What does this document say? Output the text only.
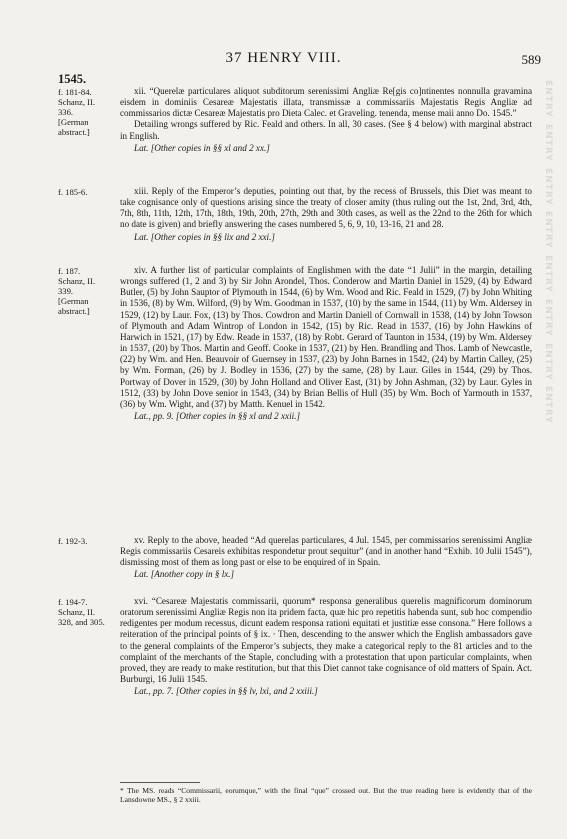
37 HENRY VIII.	589
1545.
f. 181-84.
Schanz, II.
336.
[German
abstract.]

xii. “Querelæ particulares aliquot subditorum serenissimi Angliæ Re[gis co]ntinentes nonnulla gravamina eisdem in dominiis Cesareæ Majestatis illata, transmissæ a commissariis Majestatis Regis Angliæ ad commissarios dictæ Cesareæ Majestatis pro Dieta Calec. et Graveling. tenenda, mense maii anno Do. 1545.”

Detailing wrongs suffered by Ric. Feald and others. In all, 30 cases. (See § 4 below) with marginal abstract in English.

Lat. [Other copies in §§ xl and 2 xx.]

f. 185-6.	xiii. Reply of the Emperor’s deputies, pointing out that, by the recess of Brussels, this Diet was meant to take cognisance only of questions arising since the treaty of closer amity (thus ruling out the 1st, 2nd, 3rd, 4th, 7th, 8th, 11th, 12th, 17th, 18th, 19th, 20th, 27th, 29th and 30th cases, as well as the 22nd to the 26th for which no date is given) and briefly answering the cases numbered 5, 6, 9, 10, 13-16, 21 and 28.

Lat. [Other copies in §§ lix and 2 xxi.]

f. 187.
Schanz, II.
339.
[German
abstract.]

xiv. A further list of particular complaints of Englishmen with the date “1 Julii” in the margin, detailing wrongs suffered (1, 2 and 3) by Sir John Arondel, Thos. Conderow and Martin Daniel in 1529, (4) by Edward Butler, (5) by John Sauptor of Plymouth in 1544, (6) by Wm. Wood and Ric. Feald in 1529, (7) by John Whiting in 1536, (8) by Wm. Wilford, (9) by Wm. Goodman in 1537, (10) by the same in 1544, (11) by Wm. Aldersey in 1529, (12) by Laur. Fox, (13) by Thos. Cowdron and Martin Daniell of Cornwall in 1538, (14) by John Towson of Plymouth and Adam Wintrop of London in 1542, (15) by Ric. Read in 1537, (16) by John Hawkins of Harwich in 1521, (17) by Edw. Reade in 1537, (18) by Robt. Gerard of Taunton in 1534, (19) by Wm. Aldersey in 1537, (20) by Thos. Martin and Geoff. Cooke in 1537, (21) by Hen. Brandling and Thos. Lamb of Newcastle, (22) by Wm. and Hen. Beauvoir of Guernsey in 1537, (23) by John Barnes in 1542, (24) by Martin Calley, (25) by Wm. Forman, (26) by J. Bodley in 1536, (27) by the same, (28) by Laur. Giles in 1544, (29) by Thos. Portway of Dover in 1529, (30) by John Holland and Oliver East, (31) by John Ashman, (32) by Laur. Gyles in 1512, (33) by John Dove senior in 1543, (34) by Brian Bellis of Hull (35) by Wm. Boch of Yarmouth in 1537, (36) by Wm. Wight, and (37) by Matth. Kenuel in 1542.

Lat., pp. 9. [Other copies in §§ xl and 2 xxii.]

f. 192-3.	xv. Reply to the above, headed “Ad querelas particulares, 4 Jul. 1545, per commissarios serenissimi Angliæ Regis commissariis Cesareis exhibitas respondetur prout sequitur” (and in another hand “Exhib. 10 Julii 1545”), dismissing most of them as long past or else to be enquired of in Spain.

Lat. [Another copy in § lx.]

f. 194-7.
Schanz, II.
328, and 305.

xvi. “Cesareæ Majestatis commissarii, quorum* responsa generalibus querelis magnificorum dominorum oratorum serenissimi Angliæ Regis non ita pridem facta, quæ hic pro repetitis habenda sunt, sub hoc compendio redigentes per modum recessus, dicunt eadem responsa rationi equitati et justitiæ esse consona.” Here follows a reiteration of the principal points of § ix. · Then, descending to the answer which the English ambassadors gave to the general complaints of the Emperor’s subjects, they make a categorical reply to the 81 articles and to the complaint of the merchants of the Staple, concluding with a protestation that upon particular complaints, when proved, they are ready to make restitution, but that this Diet cannot take cognisance of old matters of Spain. Act. Burburgi, 16 Julii 1545.

Lat., pp. 7. [Other copies in §§ lv, lxi, and 2 xxiii.]

* The MS. reads “Commissarii, eorumque,” with the final “que” crossed out. But the true reading here is evidently that of the Lansdowne MS., § 2 xxiii.
ENTRY
ENTRY
ENTRY
ENTRY
ENTRY
ENTRY
ENTRY
ENTRY
